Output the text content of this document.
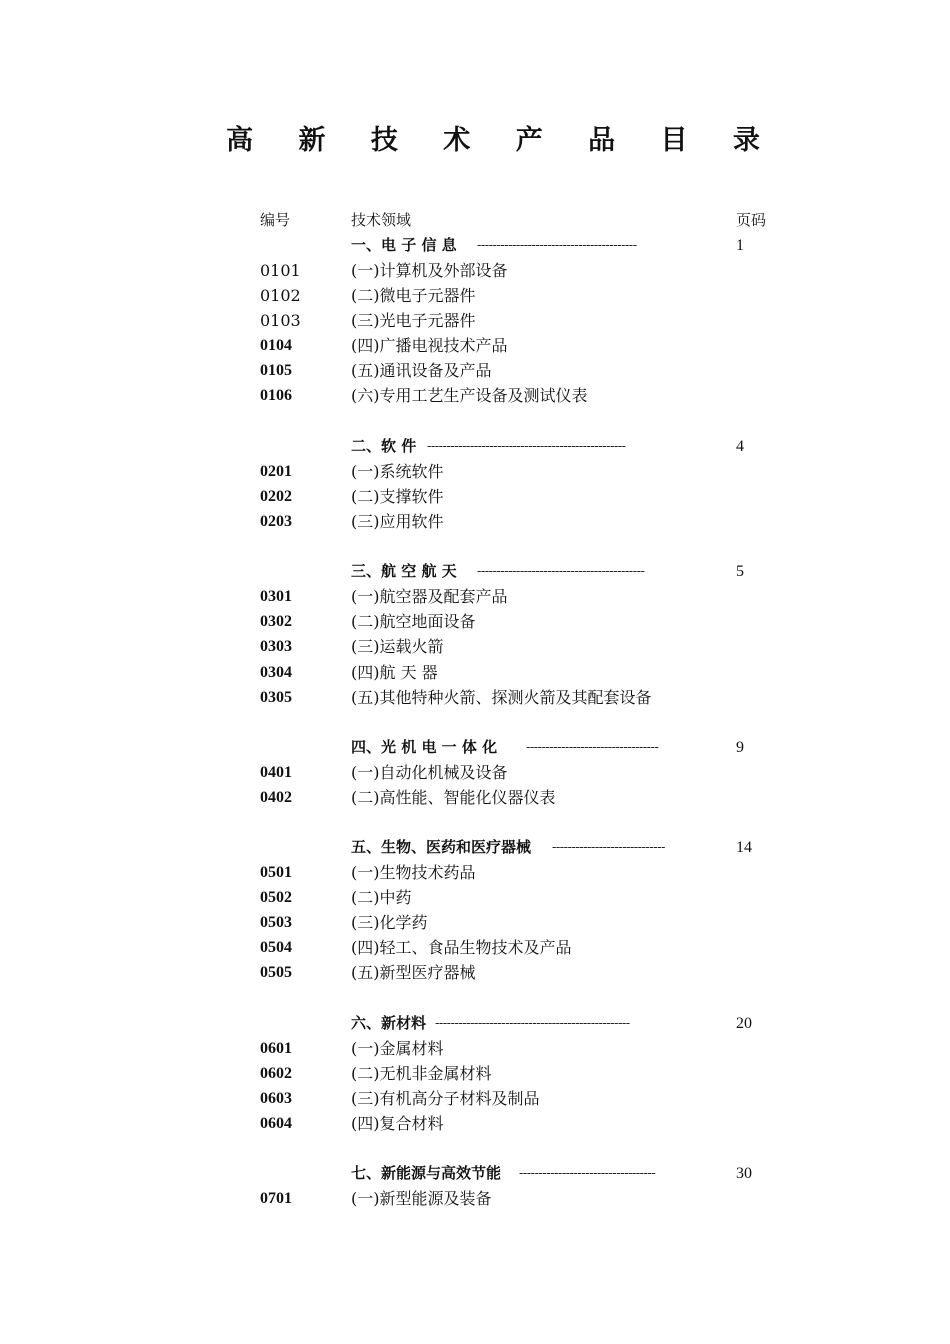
高 新 技 术 产 品 目 录
编号	技术领域	页码
一、电 子 信 息 -----------------------------------------	1
0101	(一)计算机及外部设备
0102	(二)微电子元器件
0103	(三)光电子元器件
0104	(四)广播电视技术产品
0105	(五)通讯设备及产品
0106	(六)专用工艺生产设备及测试仪表
二、软 件 ---------------------------------------------------	4
0201	(一)系统软件
0202	(二)支撑软件
0203	(三)应用软件
三、航 空 航 天 -------------------------------------------	5
0301	(一)航空器及配套产品
0302	(二)航空地面设备
0303	(三)运载火箭
0304	(四)航 天 器
0305	(五)其他特种火箭、探测火箭及其配套设备
四、光 机 电 一 体 化 ----------------------------------	9
0401	(一)自动化机械及设备
0402	(二)高性能、智能化仪器仪表
五、生物、医药和医疗器械 -----------------------------	14
0501	(一)生物技术药品
0502	(二)中药
0503	(三)化学药
0504	(四)轻工、食品生物技术及产品
0505	(五)新型医疗器械
六、新材料 --------------------------------------------------	20
0601	(一)金属材料
0602	(二)无机非金属材料
0603	(三)有机高分子材料及制品
0604	(四)复合材料
七、新能源与高效节能 -----------------------------------	30
0701	(一)新型能源及装备
